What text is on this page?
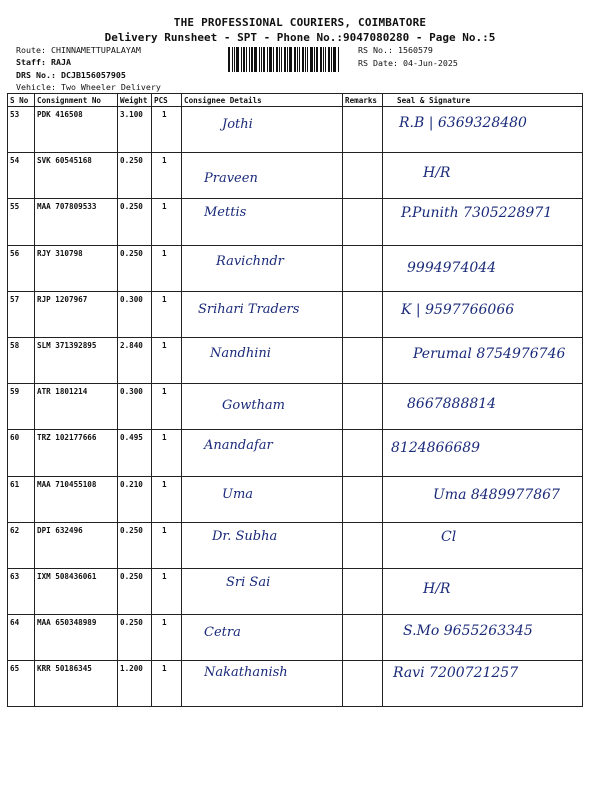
THE PROFESSIONAL COURIERS, COIMBATORE
Delivery Runsheet - SPT - Phone No.:9047080280 - Page No.:5
Route: CHINNAMETTUPALAYAM
Staff: RAJA
DRS No.: DCJB156057905
Vehicle: Two Wheeler Delivery
RS No.: 1560579
RS Date: 04-Jun-2025
S No	Consignment No	Weight	PCS	Consignee Details	Remarks	Seal & Signature
53	PDK 416508	3.100	1	Jothi		R.B | 6369328480

54	SVK 60545168	0.250	1	Praveen		H/R

55	MAA 707809533	0.250	1	Mettis		P.Punith 7305228971

56	RJY 310798	0.250	1	Ravichndr		9994974044

57	RJP 1207967	0.300	1	Srihari Traders		K | 9597766066

58	SLM 371392895	2.840	1	Nandhini		Perumal 8754976746

59	ATR 1801214	0.300	1	Gowtham		8667888814

60	TRZ 102177666	0.495	1	Anandafar		8124866689

61	MAA 710455108	0.210	1	Uma		Uma 8489977867

62	DPI 632496	0.250	1	Dr. Subha		Cl

63	IXM 508436061	0.250	1	Sri Sai		H/R

64	MAA 650348989	0.250	1	Cetra		S.Mo 9655263345

65	KRR 50186345	1.200	1	Nakathanish		Ravi 7200721257
